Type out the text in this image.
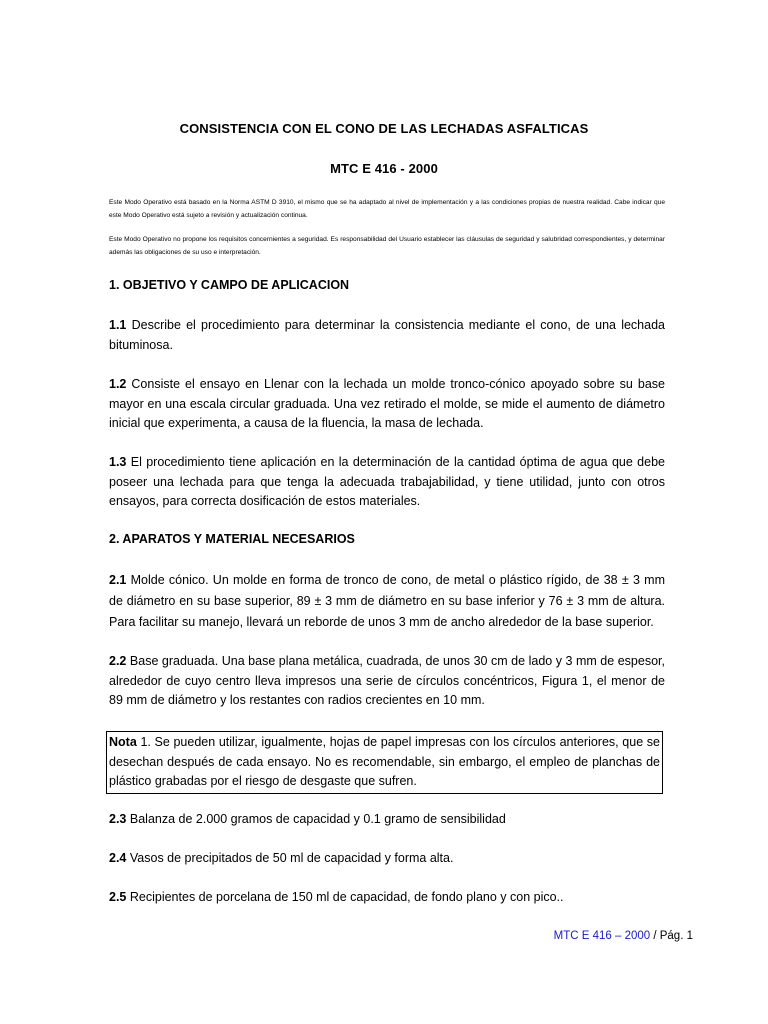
CONSISTENCIA CON EL CONO DE LAS LECHADAS ASFALTICAS
MTC E 416 - 2000
Este Modo Operativo está basado en la Norma ASTM D 3910, el mismo que se ha adaptado al nivel de implementación y a las condiciones propias de nuestra realidad. Cabe indicar que este Modo Operativo está sujeto a revisión y actualización continua.
Este Modo Operativo no propone los requisitos concernientes a seguridad. Es responsabilidad del Usuario establecer las cláusulas de seguridad y salubridad correspondientes, y determinar además las obligaciones de su uso e interpretación.
1. OBJETIVO Y CAMPO DE APLICACION
1.1 Describe el procedimiento para determinar la consistencia mediante el cono, de una lechada bituminosa.
1.2 Consiste el ensayo en Llenar con la lechada un molde tronco-cónico apoyado sobre su base mayor en una escala circular graduada. Una vez retirado el molde, se mide el aumento de diámetro inicial que experimenta, a causa de la fluencia, la masa de lechada.
1.3 El procedimiento tiene aplicación en la determinación de la cantidad óptima de agua que debe poseer una lechada para que tenga la adecuada trabajabilidad, y tiene utilidad, junto con otros ensayos, para correcta dosificación de estos materiales.
2. APARATOS Y MATERIAL NECESARIOS
2.1 Molde cónico. Un molde en forma de tronco de cono, de metal o plástico rígido, de 38 ± 3 mm de diámetro en su base superior, 89 ± 3 mm de diámetro en su base inferior y 76 ± 3 mm de altura. Para facilitar su manejo, llevará un reborde de unos 3 mm de ancho alrededor de la base superior.
2.2 Base graduada. Una base plana metálica, cuadrada, de unos 30 cm de lado y 3 mm de espesor, alrededor de cuyo centro lleva impresos una serie de círculos concéntricos, Figura 1, el menor de 89 mm de diámetro y los restantes con radios crecientes en 10 mm.
Nota 1. Se pueden utilizar, igualmente, hojas de papel impresas con los círculos anteriores, que se desechan después de cada ensayo. No es recomendable, sin embargo, el empleo de planchas de plástico grabadas por el riesgo de desgaste que sufren.
2.3 Balanza de 2.000 gramos de capacidad y 0.1 gramo de sensibilidad
2.4 Vasos de precipitados de 50 ml de capacidad y forma alta.
2.5 Recipientes de porcelana de 150 ml de capacidad, de fondo plano y con pico..
MTC E 416 – 2000 / Pág. 1
